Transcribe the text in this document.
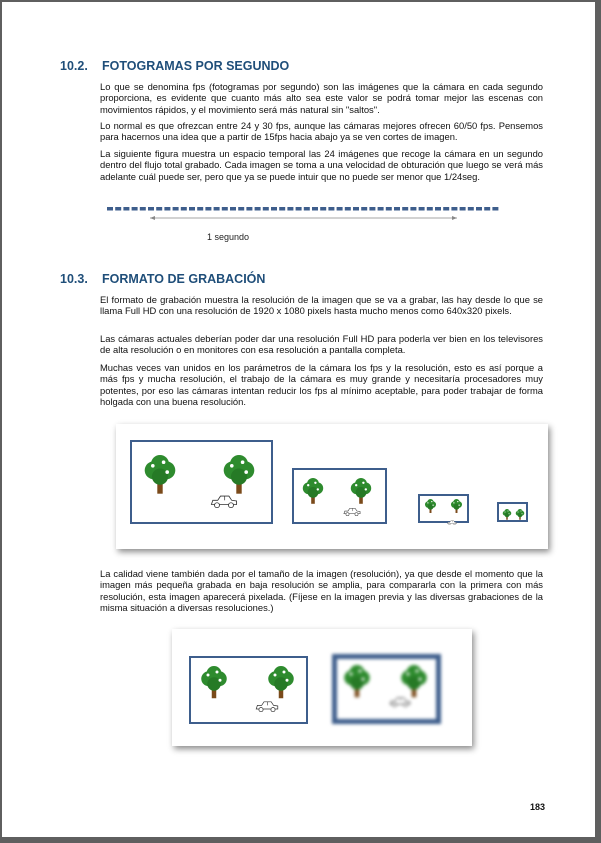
10.2. FOTOGRAMAS POR SEGUNDO

Lo que se denomina fps (fotogramas por segundo) son las imágenes que la cámara en cada segundo proporciona, es evidente que cuanto más alto sea este valor se podrá tomar mejor las escenas con movimientos rápidos, y el movimiento será más natural sin "saltos".

Lo normal es que ofrezcan entre 24 y 30 fps, aunque las cámaras mejores ofrecen 60/50 fps. Pensemos para hacernos una idea que a partir de 15fps hacia abajo ya se ven cortes de imagen.

La siguiente figura muestra un espacio temporal las 24 imágenes que recoge la cámara en un segundo dentro del flujo total grabado. Cada imagen se toma a una velocidad de obturación que luego se verá más adelante cuál puede ser, pero que ya se puede intuir que no puede ser menor que 1/24seg.

1 segundo
10.3. FORMATO DE GRABACIÓN

El formato de grabación muestra la resolución de la imagen que se va a grabar, las hay desde lo que se llama Full HD con una resolución de 1920 x 1080 pixels hasta mucho menos como 640x320 pixels.

Las cámaras actuales deberían poder dar una resolución Full HD para poderla ver bien en los televisores de alta resolución o en monitores con esa resolución a pantalla completa.

Muchas veces van unidos en los parámetros de la cámara los fps y la resolución, esto es así porque a más fps y mucha resolución, el trabajo de la cámara es muy grande y necesitaría procesadores muy potentes, por eso las cámaras intentan reducir los fps al mínimo aceptable, para poder trabajar de forma holgada con una buena resolución.

La calidad viene también dada por el tamaño de la imagen (resolución), ya que desde el momento que la imagen más pequeña grabada en baja resolución se amplia, para compararla con la primera con más resolución, esta imagen aparecerá pixelada. (Fíjese en la imagen previa y las diversas grabaciones de la misma situación a diversas resoluciones.)

183
